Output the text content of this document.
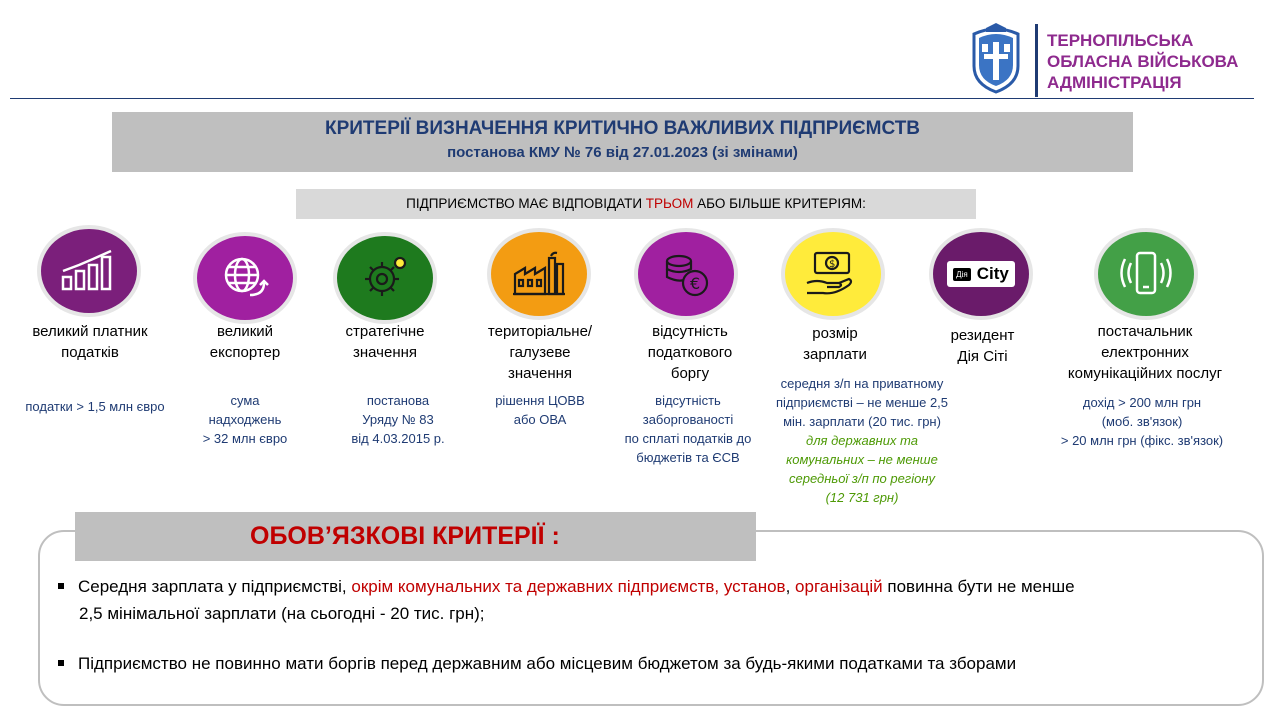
ТЕРНОПІЛЬСЬКА
ОБЛАСНА ВІЙСЬКОВА
АДМІНІСТРАЦІЯ
КРИТЕРІЇ ВИЗНАЧЕННЯ КРИТИЧНО ВАЖЛИВИХ ПІДПРИЄМСТВ
постанова КМУ № 76 від 27.01.2023 (зі змінами)
ПІДПРИЄМСТВО МАЄ ВІДПОВІДАТИ ТРЬОМ АБО БІЛЬШЕ КРИТЕРІЯМ:
великий платник
податків
податки > 1,5 млн євро
великий
експортер
сума
надходжень
> 32 млн євро
стратегічне
значення
постанова
Уряду № 83
від 4.03.2015 р.
територіальне/
галузеве
значення
рішення ЦОВВ
або ОВА
€
відсутність
податкового
боргу
відсутність
заборгованості
по сплаті податків до
бюджетів та ЄСВ
$
розмір
зарплати
середня з/п на приватному
підприємстві – не менше 2,5
мін. зарплати (20 тис. грн)
для державних та
комунальних – не менше
середньої з/п по регіону
(12 731 грн)
Дія City
резидент
Дія Сіті
постачальник
електронних
комунікаційних послуг
дохід > 200 млн грн
(моб. зв'язок)
> 20 млн грн (фікс. зв'язок)
ОБОВ’ЯЗКОВІ КРИТЕРІЇ :
Середня зарплата у підприємстві, окрім комунальних та державних підприємств, установ, організацій повинна бути не менше
2,5 мінімальної зарплати (на сьогодні - 20 тис. грн);
Підприємство не повинно мати боргів перед державним або місцевим бюджетом за будь-якими податками та зборами
